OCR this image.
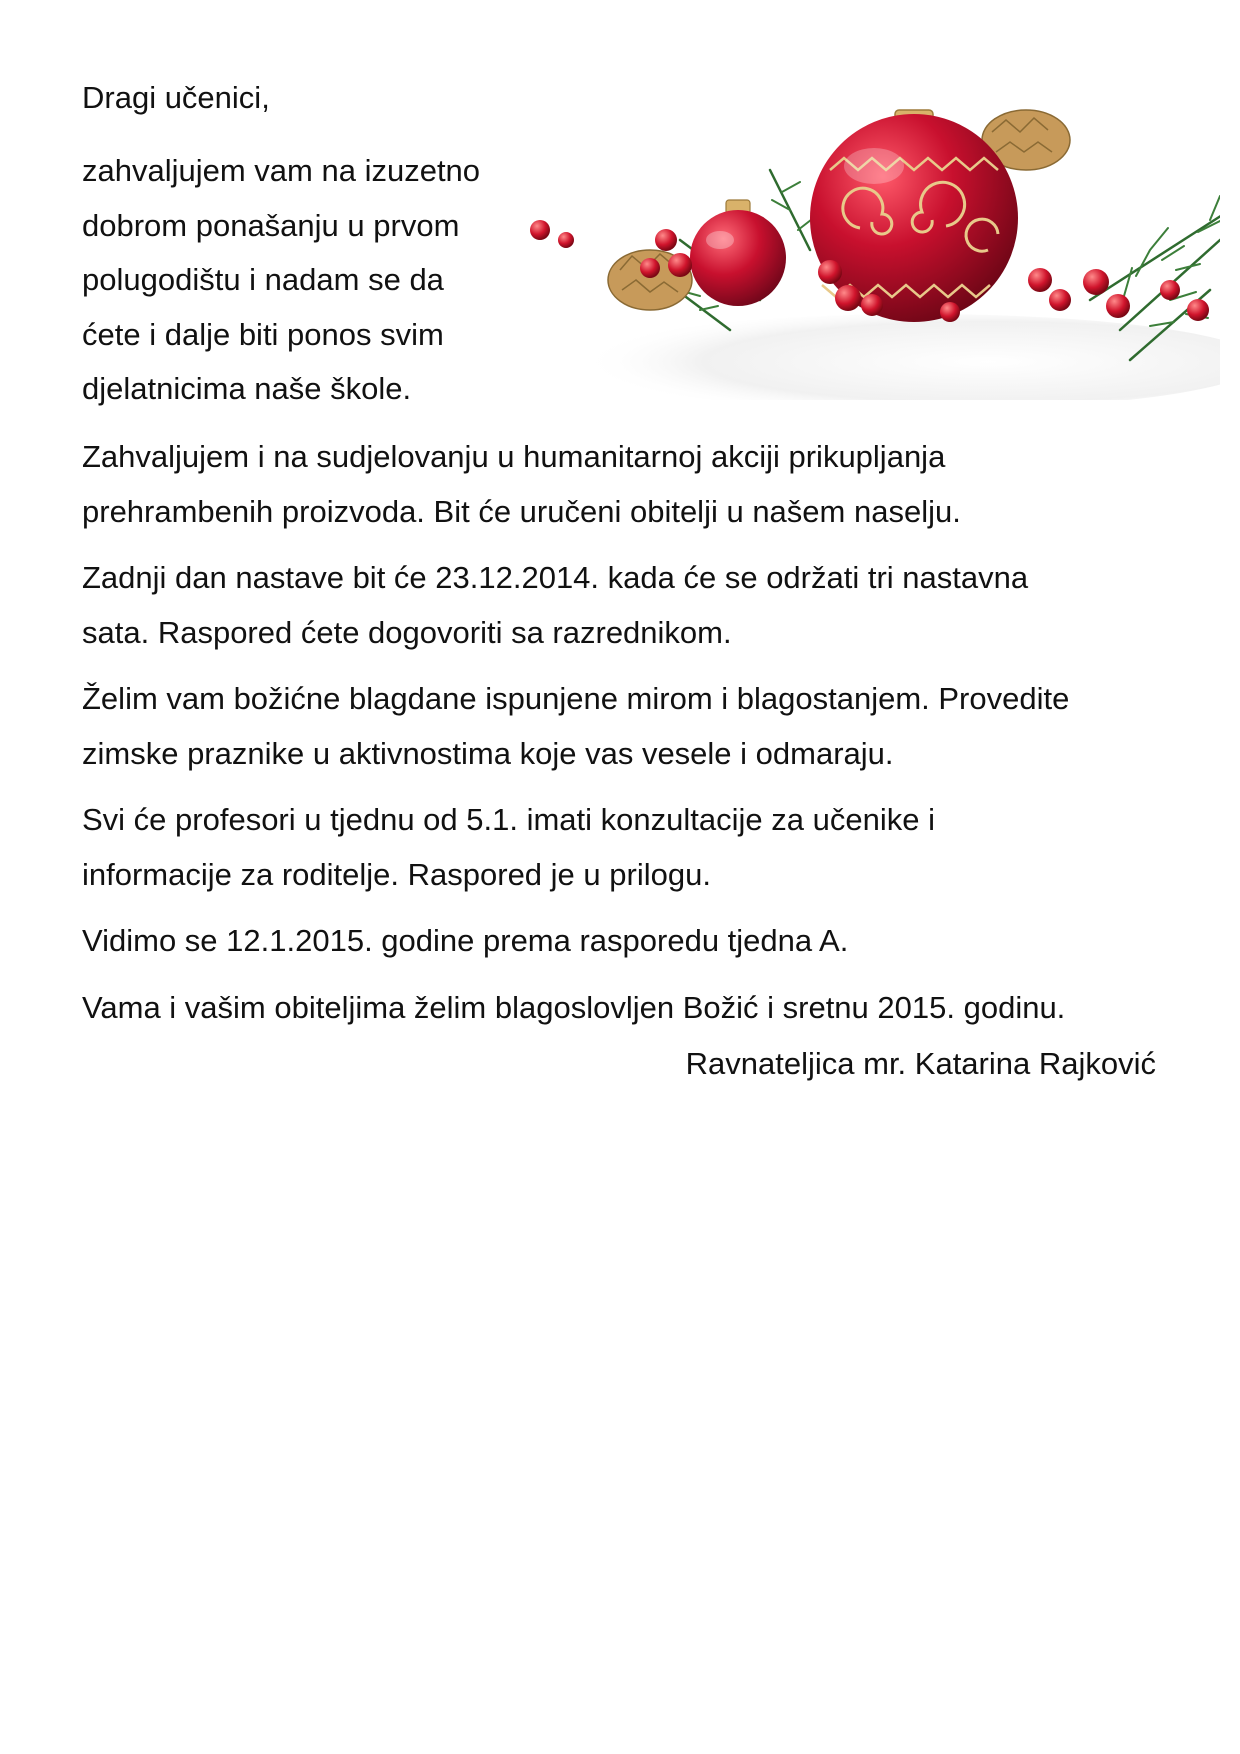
Dragi učenici,

zahvaljujem vam na izuzetno
dobrom ponašanju u prvom
polugodištu i nadam se da
ćete i dalje biti ponos svim
djelatnicima naše škole.

Zahvaljujem i na sudjelovanju u humanitarnoj akciji prikupljanja
prehrambenih proizvoda. Bit će uručeni obitelji u našem naselju.

Zadnji dan nastave bit će 23.12.2014. kada će se održati tri nastavna
sata. Raspored ćete dogovoriti sa razrednikom.

Želim vam božićne blagdane ispunjene mirom i blagostanjem. Provedite
zimske praznike u aktivnostima koje vas vesele i odmaraju.

Svi će profesori u tjednu od 5.1. imati konzultacije za učenike i
informacije za roditelje. Raspored je u prilogu.

Vidimo se 12.1.2015. godine prema rasporedu tjedna A.

Vama i vašim obiteljima želim blagoslovljen Božić i sretnu 2015. godinu.

Ravnateljica mr. Katarina Rajković
